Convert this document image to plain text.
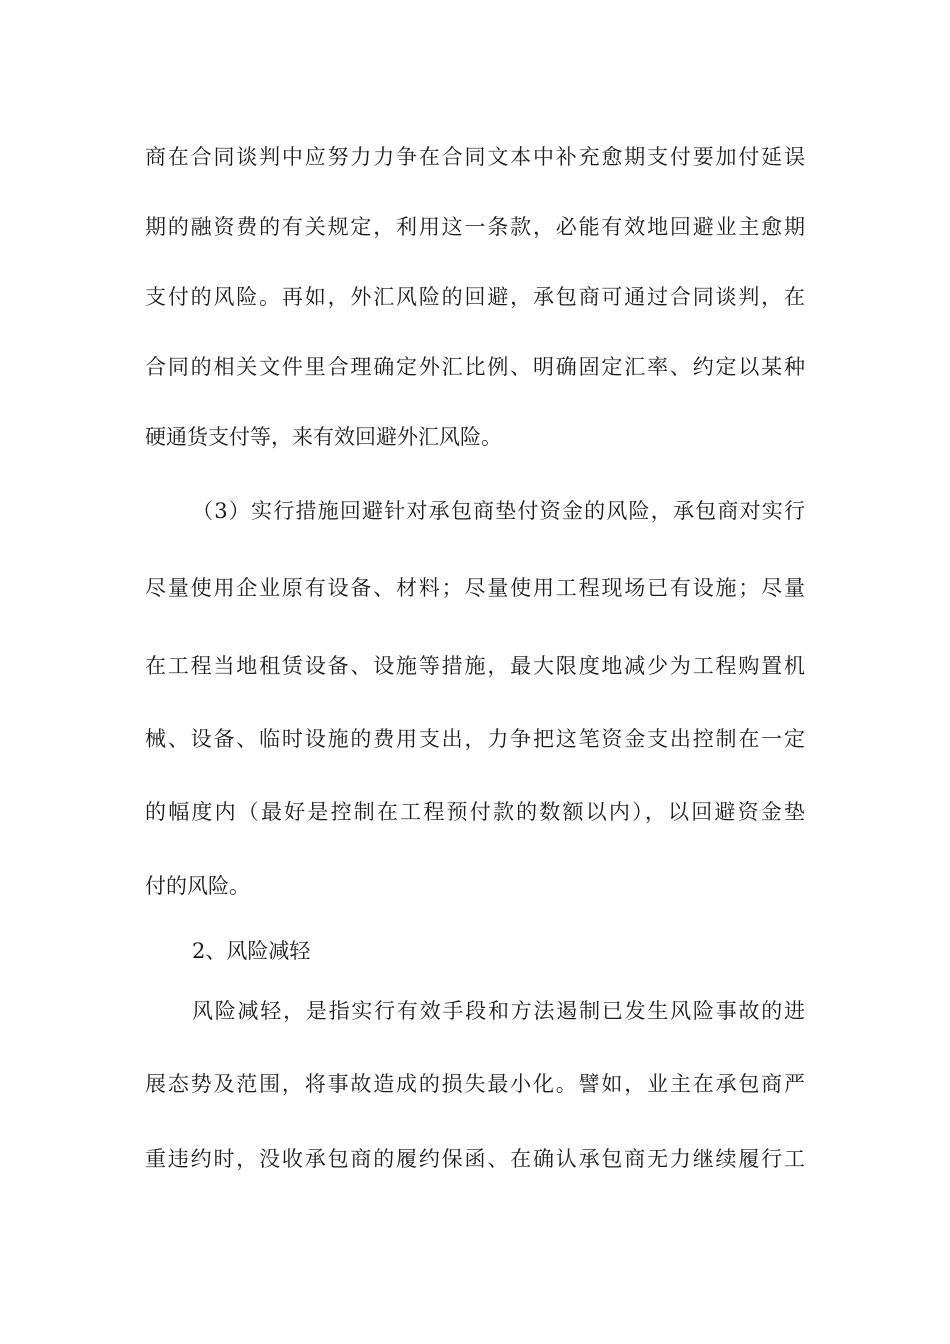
商在合同谈判中应努力力争在合同文本中补充愈期支付要加付延误
期的融资费的有关规定，利用这一条款，必能有效地回避业主愈期
支付的风险。再如，外汇风险的回避，承包商可通过合同谈判，在
合同的相关文件里合理确定外汇比例、明确固定汇率、约定以某种
硬通货支付等，来有效回避外汇风险。
（3）实行措施回避针对承包商垫付资金的风险，承包商对实行
尽量使用企业原有设备、材料；尽量使用工程现场已有设施；尽量
在工程当地租赁设备、设施等措施，最大限度地减少为工程购置机
械、设备、临时设施的费用支出，力争把这笔资金支出控制在一定
的幅度内（最好是控制在工程预付款的数额以内），以回避资金垫
付的风险。
2、风险减轻
风险减轻，是指实行有效手段和方法遏制已发生风险事故的进
展态势及范围，将事故造成的损失最小化。譬如，业主在承包商严
重违约时，没收承包商的履约保函、在确认承包商无力继续履行工
